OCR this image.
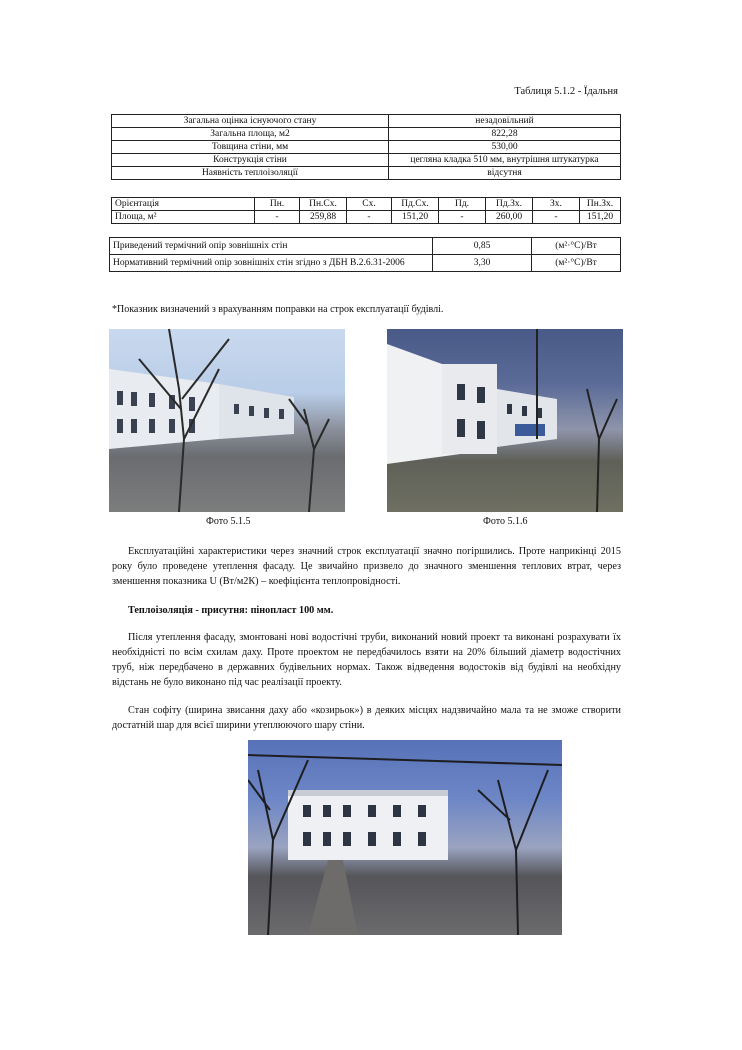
Таблиця 5.1.2 - Їдальня
Загальна оцінка існуючого стану	незадовільний
Загальна площа, м2	822,28
Товщина стіни, мм	530,00
Конструкція стіни	цегляна кладка 510 мм, внутрішня штукатурка
Наявність теплоізоляції	відсутня
Орієнтація	Пн.	Пн.Сх.	Сх.	Пд.Сх.	Пд.	Пд.Зх.	Зх.	Пн.Зх.
Площа, м²	-	259,88	-	151,20	-	260,00	-	151,20
Приведений термічний опір зовнішніх стін	0,85	(м²·°С)/Вт
Нормативний термічний опір зовнішніх стін згідно з ДБН В.2.6.31-2006	3,30	(м²·°С)/Вт
*Показник визначений з врахуванням поправки на строк експлуатації будівлі.
Фото 5.1.5	Фото 5.1.6

Експлуатаційні характеристики через значний строк експлуатації значно погіршились. Проте наприкінці 2015 року було проведене утеплення фасаду. Це звичайно призвело до значного зменшення теплових втрат, через зменшення показника U (Вт/м2К) – коефіцієнта теплопровідності.

Теплоізоляція - присутня: пінопласт 100 мм.

Після утеплення фасаду, змонтовані нові водостічні труби, виконаний новий проект та виконані розрахувати їх необхідністі по всім схилам даху. Проте проектом не передбачилось взяти на 20% більший діаметр водостічних труб, ніж передбачено в державних будівельних нормах. Також відведення водостоків від будівлі на необхідну відстань не було виконано під час реалізації проекту.

Стан софіту (ширина звисання даху або «козирьок») в деяких місцях надзвичайно мала та не зможе створити достатній шар для всієї ширини утеплюючого шару стіни.
